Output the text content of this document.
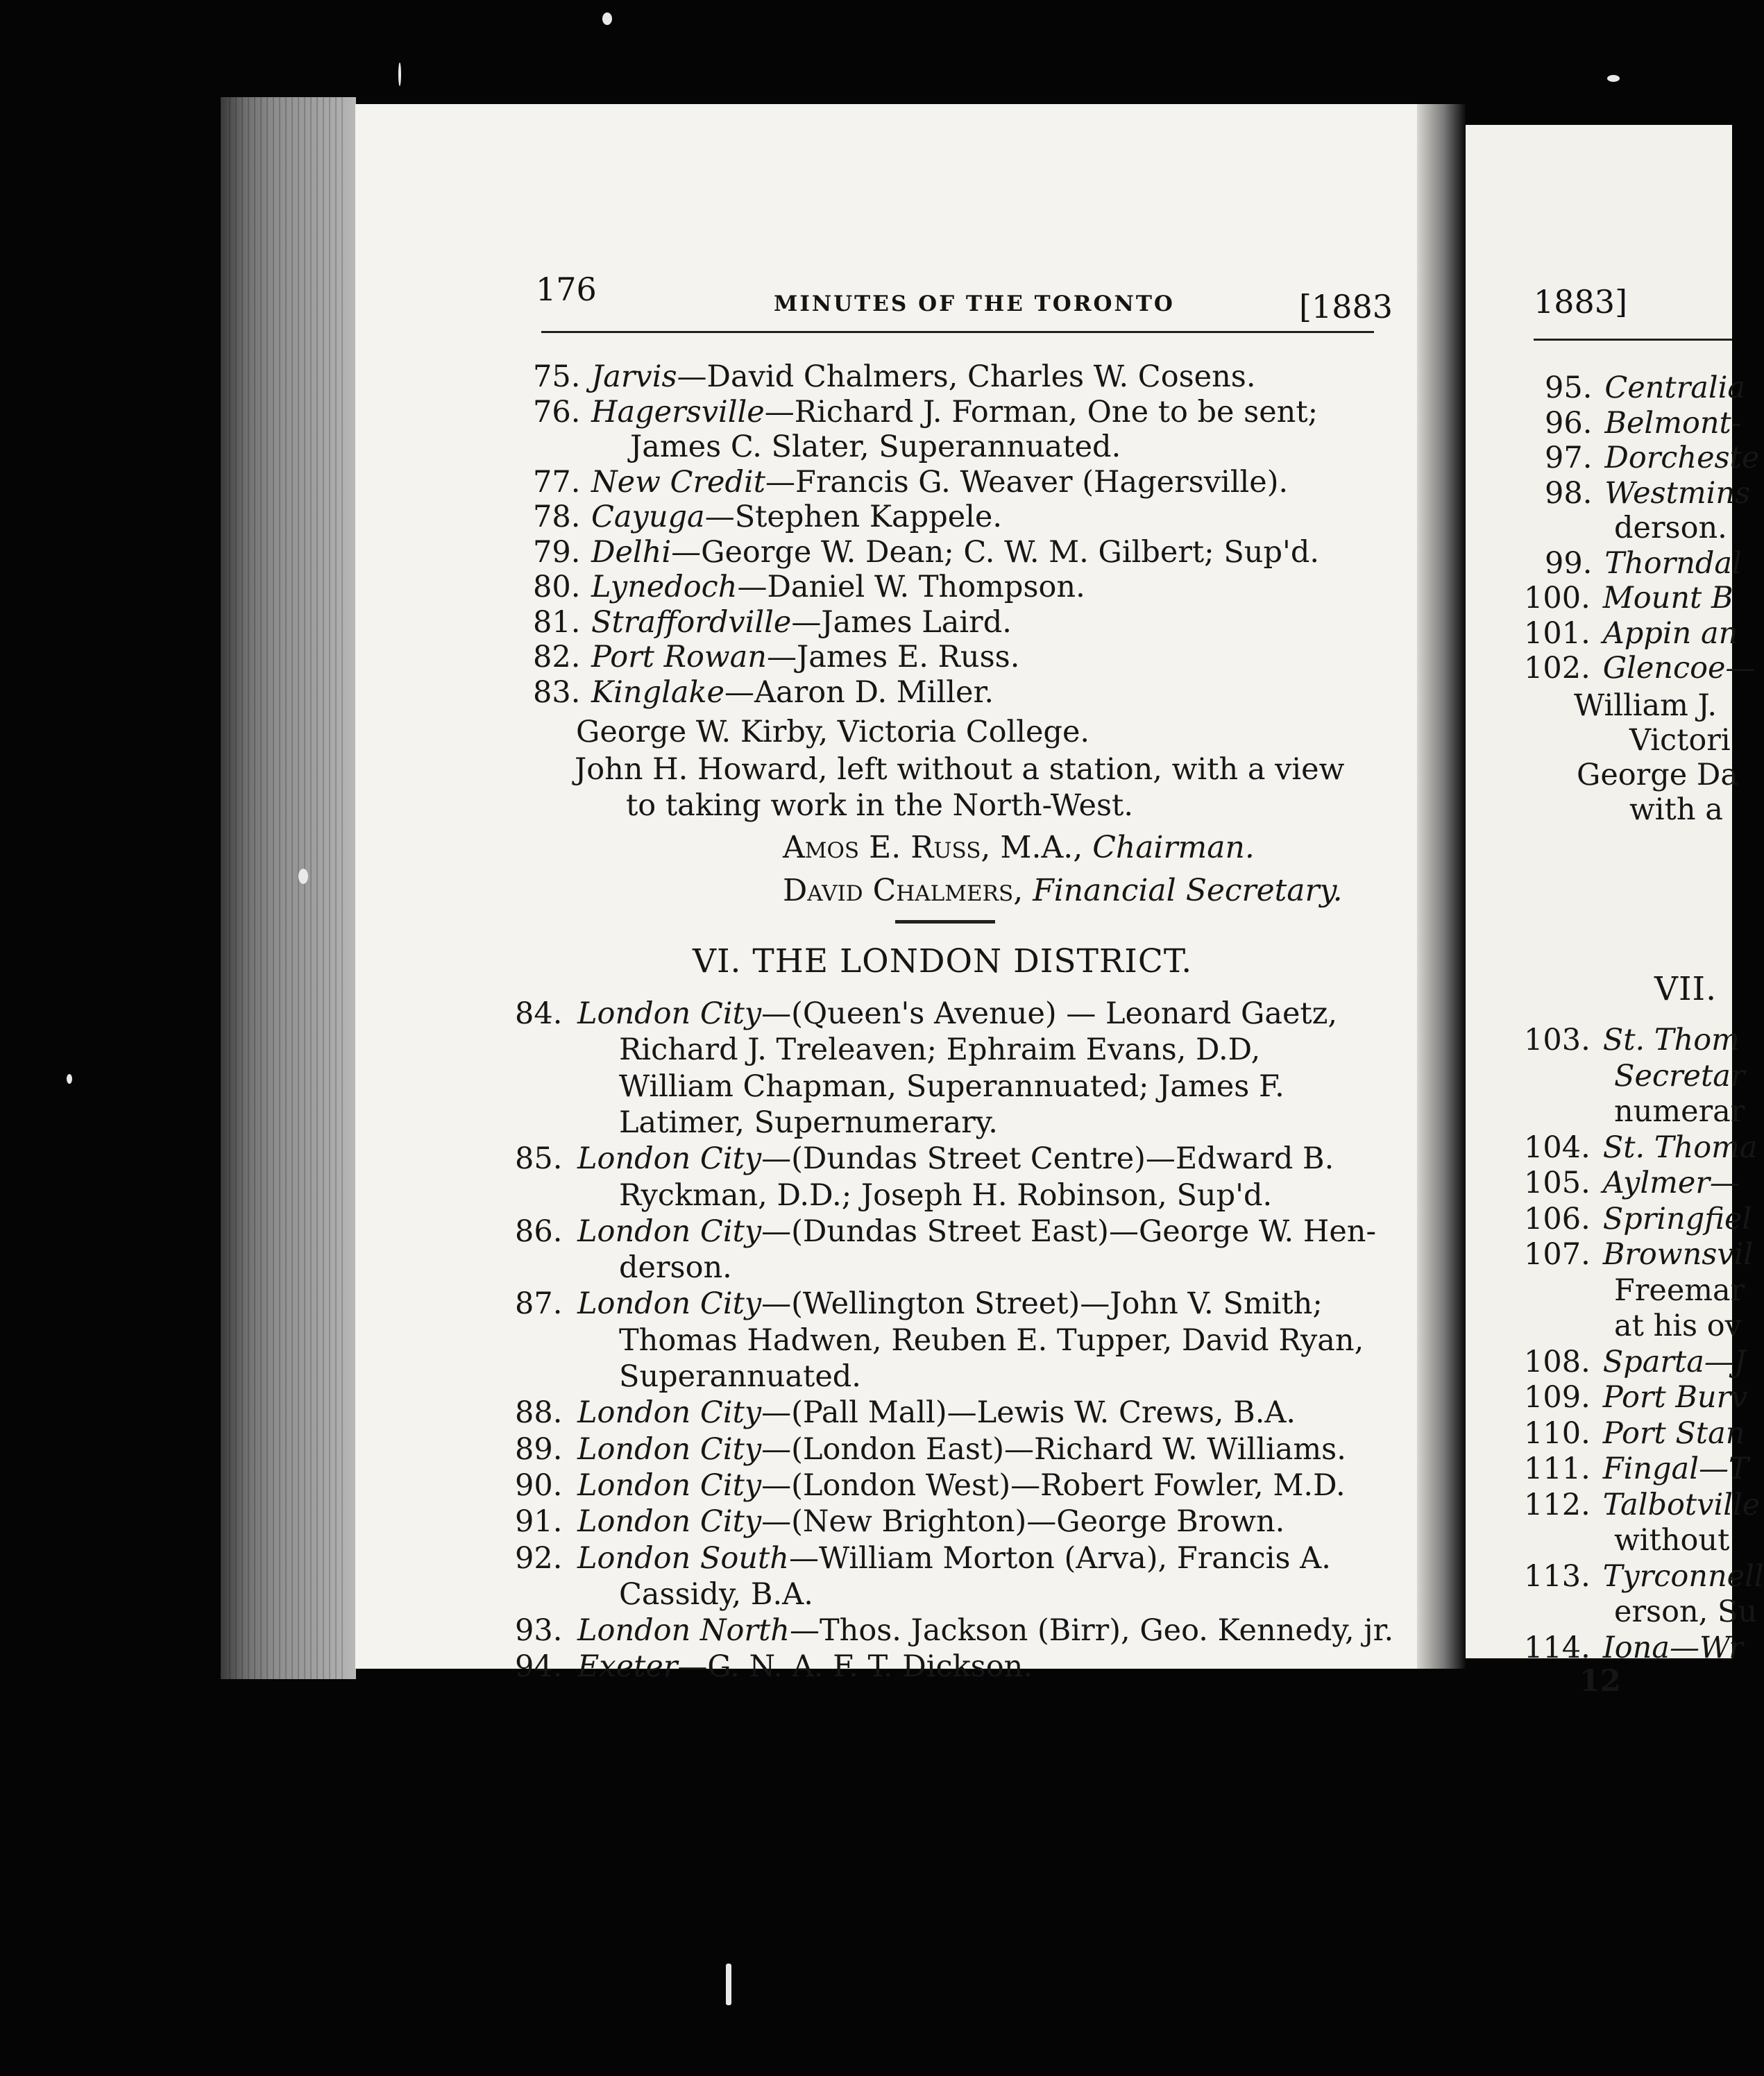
176	MINUTES OF THE TORONTO	[1883
75. Jarvis—David Chalmers, Charles W. Cosens.
76. Hagersville—Richard J. Forman, One to be sent;
James C. Slater, Superannuated.
77. New Credit—Francis G. Weaver (Hagersville).
78. Cayuga—Stephen Kappele.
79. Delhi—George W. Dean; C. W. M. Gilbert; Sup'd.
80. Lynedoch—Daniel W. Thompson.
81. Straffordville—James Laird.
82. Port Rowan—James E. Russ.
83. Kinglake—Aaron D. Miller.
George W. Kirby, Victoria College.
John H. Howard, left without a station, with a view
to taking work in the North-West.
Amos E. Russ, M.A., Chairman.
David Chalmers, Financial Secretary.
VI. THE LONDON DISTRICT.
84. London City—(Queen's Avenue) — Leonard Gaetz,
Richard J. Treleaven; Ephraim Evans, D.D,
William Chapman, Superannuated; James F.
Latimer, Supernumerary.
85. London City—(Dundas Street Centre)—Edward B.
Ryckman, D.D.; Joseph H. Robinson, Sup'd.
86. London City—(Dundas Street East)—George W. Hen-
derson.
87. London City—(Wellington Street)—John V. Smith;
Thomas Hadwen, Reuben E. Tupper, David Ryan,
Superannuated.
88. London City—(Pall Mall)—Lewis W. Crews, B.A.
89. London City—(London East)—Richard W. Williams.
90. London City—(London West)—Robert Fowler, M.D.
91. London City—(New Brighton)—George Brown.
92. London South—William Morton (Arva), Francis A.
Cassidy, B.A.
93. London North—Thos. Jackson (Birr), Geo. Kennedy, jr.
94. Exeter—G. N. A. F. T. Dickson.
1883]
95. Centralia
96. Belmont-
97. Dorcheste
98. Westmins
derson.
99. Thorndal
100. Mount B
101. Appin an
102. Glencoe—
William J.
Victori
George Da
with a
VII.
103. St. Thom
Secretar
numerar
104. St. Thoma
105. Aylmer—
106. Springfiel
107. Brownsvil
Freemar
at his ov
108. Sparta—J
109. Port Burv
110. Port Stan
111. Fingal—T
112. Talbotville
without
113. Tyrconnell
erson, Su
114. Iona—Wr
12
